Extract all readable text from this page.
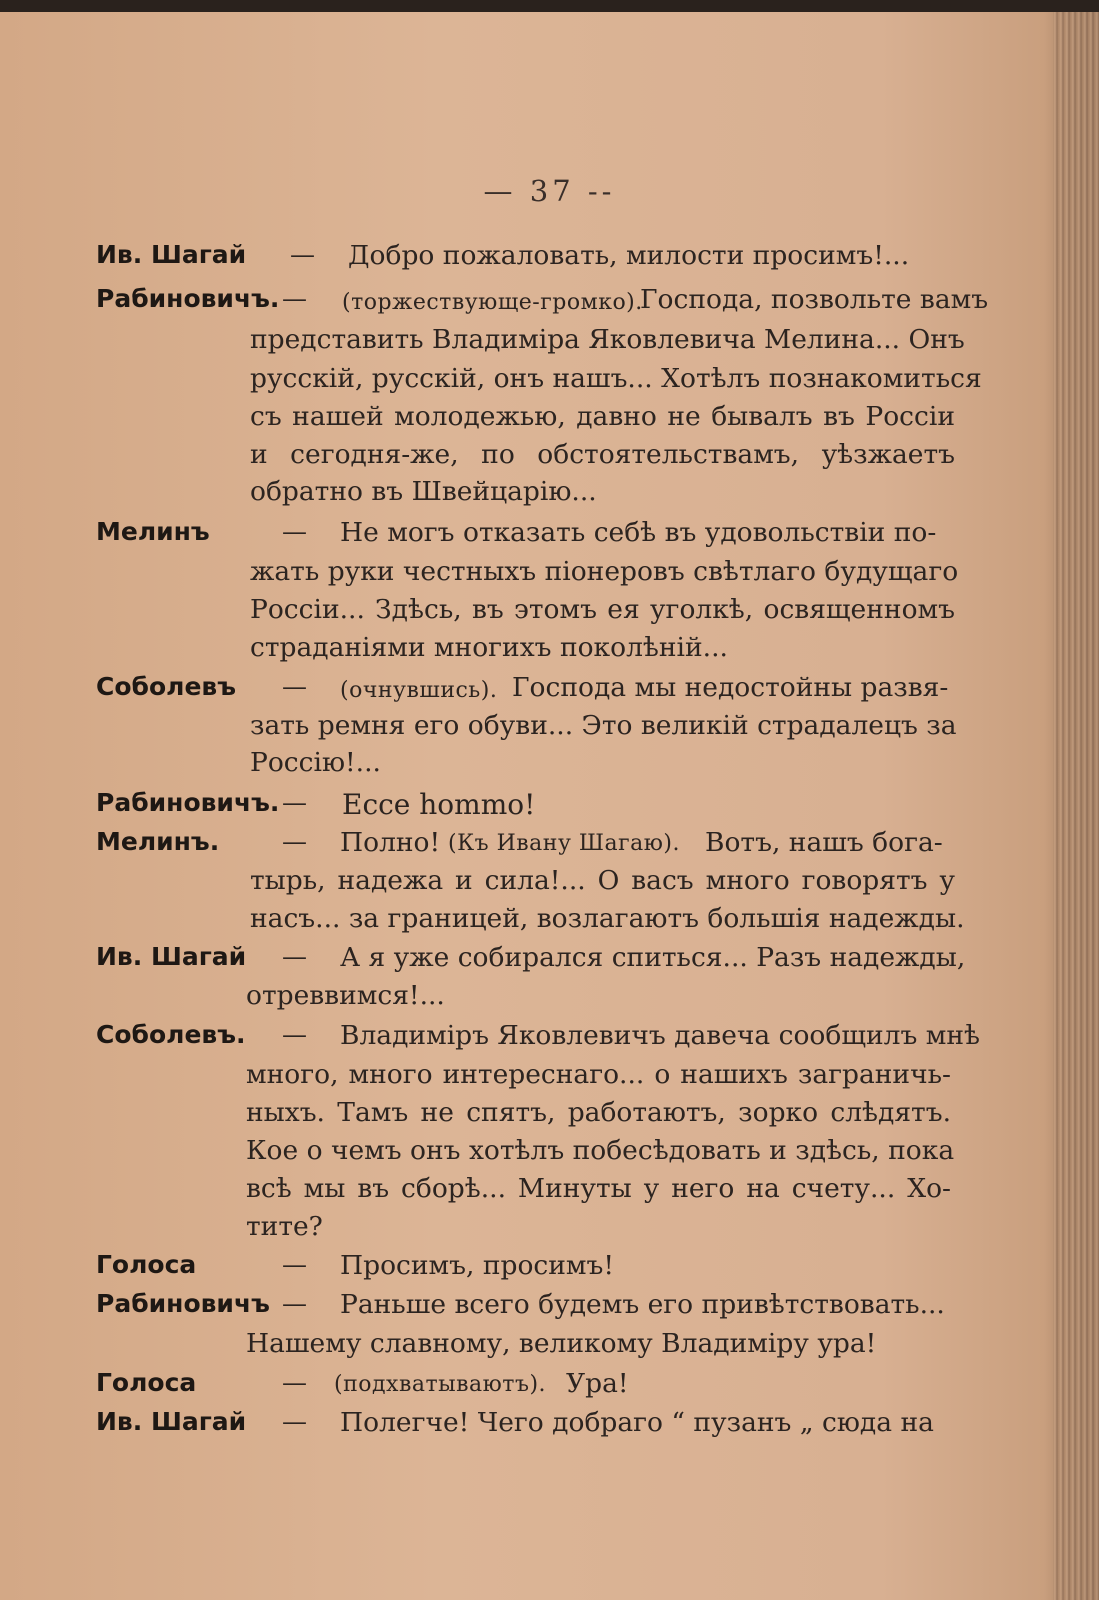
— 37 --
Ив. Шагай — Добро пожаловать, милости просимъ!...
Рабиновичъ. — (торжествующе-громко).
Господа, позвольте вамъ
представить Владиміра Яковлевича Мелина... Онъ
русскій, русскій, онъ нашъ... Хотѣлъ познакомиться
съ нашей молодежью, давно не бывалъ въ Россіи
и сегодня-же, по обстоятельствамъ, уѣзжаетъ
обратно въ Швейцарію...
Мелинъ	— Не могъ отказать себѣ въ удовольствіи по-
жать руки честныхъ піонеровъ свѣтлаго будущаго
Россіи... Здѣсь, въ этомъ ея уголкѣ, освященномъ
страданіями многихъ поколѣній...
Соболевъ — (очнувшись). Господа мы недостойны развя-
зать ремня его обуви... Это великій страдалецъ за
Россію!...
Рабиновичъ. — Ecce hommo!
Мелинъ.	— Полно! (Къ Ивану Шагаю). Вотъ, нашъ бога-
тырь, надежа и сила!... О васъ много говорятъ у
насъ... за границей, возлагаютъ большія надежды.
Ив. Шагай — А я уже собирался спиться... Разъ надежды,
отреввимся!...
Соболевъ. — Владиміръ Яковлевичъ давеча сообщилъ мнѣ
много, много интереснаго... о нашихъ заграничь-
ныхъ. Тамъ не спятъ, работаютъ, зорко слѣдятъ.
Кое о чемъ онъ хотѣлъ побесѣдовать и здѣсь, пока
всѣ мы въ сборѣ... Минуты у него на счету... Хо-
тите?
Голоса	— Просимъ, просимъ!
Рабиновичъ — Раньше всего будемъ его привѣтствовать...
Нашему славному, великому Владиміру ура!
Голоса	— (подхватываютъ). Ура!
Ив. Шагай — Полегче! Чего добраго “ пузанъ „ сюда на
